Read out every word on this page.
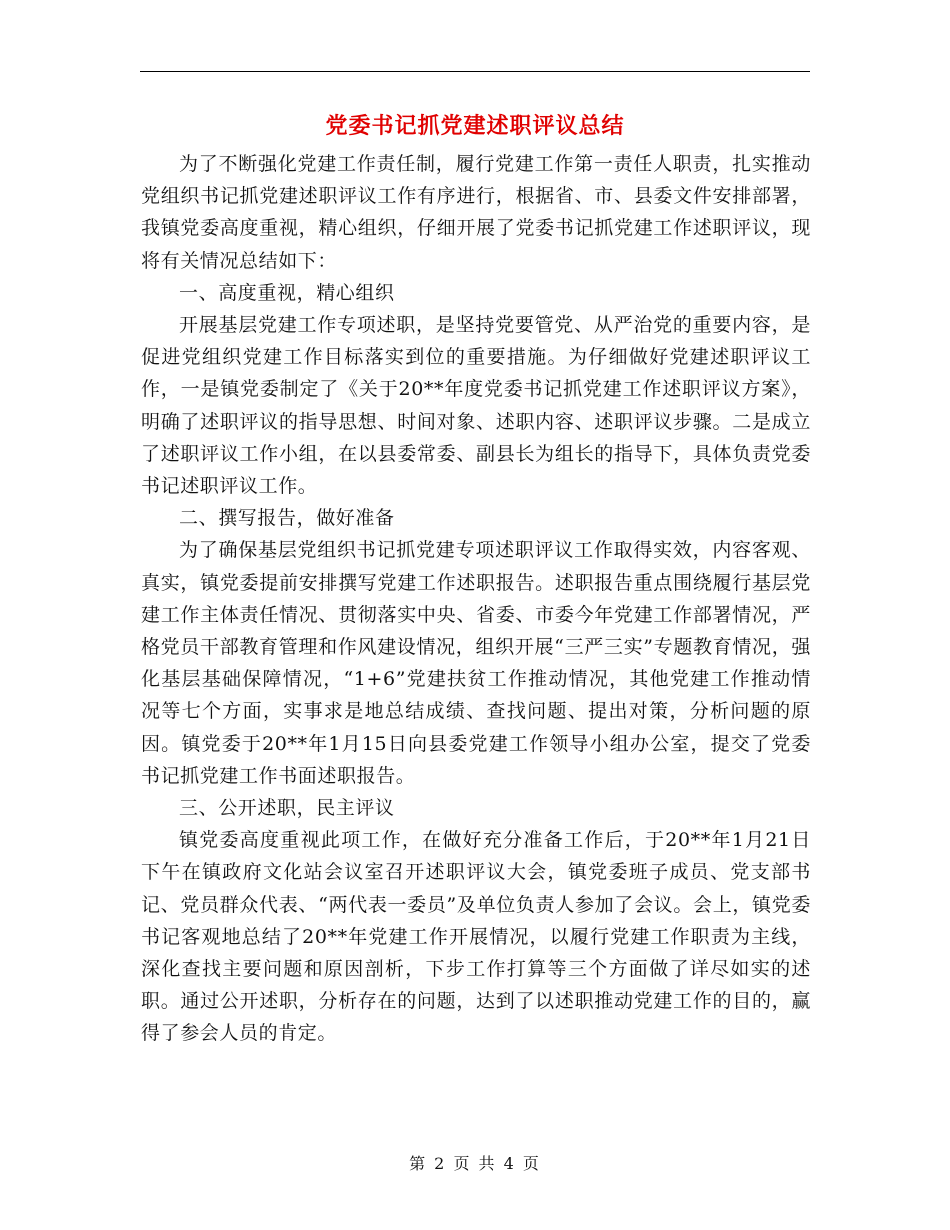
党委书记抓党建述职评议总结

为了不断强化党建工作责任制，履行党建工作第一责任人职责，扎实推动党组织书记抓党建述职评议工作有序进行，根据省、市、县委文件安排部署，我镇党委高度重视，精心组织，仔细开展了党委书记抓党建工作述职评议，现将有关情况总结如下：

一、高度重视，精心组织

开展基层党建工作专项述职，是坚持党要管党、从严治党的重要内容，是促进党组织党建工作目标落实到位的重要措施。为仔细做好党建述职评议工作，一是镇党委制定了《关于20**年度党委书记抓党建工作述职评议方案》，明确了述职评议的指导思想、时间对象、述职内容、述职评议步骤。二是成立了述职评议工作小组，在以县委常委、副县长为组长的指导下，具体负责党委书记述职评议工作。

二、撰写报告，做好准备

为了确保基层党组织书记抓党建专项述职评议工作取得实效，内容客观、真实，镇党委提前安排撰写党建工作述职报告。述职报告重点围绕履行基层党建工作主体责任情况、贯彻落实中央、省委、市委今年党建工作部署情况，严格党员干部教育管理和作风建设情况，组织开展“三严三实”专题教育情况，强化基层基础保障情况，“1+6”党建扶贫工作推动情况，其他党建工作推动情况等七个方面，实事求是地总结成绩、查找问题、提出对策，分析问题的原因。镇党委于20**年1月15日向县委党建工作领导小组办公室，提交了党委书记抓党建工作书面述职报告。

三、公开述职，民主评议

镇党委高度重视此项工作，在做好充分准备工作后，于20**年1月21日下午在镇政府文化站会议室召开述职评议大会，镇党委班子成员、党支部书记、党员群众代表、“两代表一委员”及单位负责人参加了会议。会上，镇党委书记客观地总结了20**年党建工作开展情况，以履行党建工作职责为主线，深化查找主要问题和原因剖析，下步工作打算等三个方面做了详尽如实的述职。通过公开述职，分析存在的问题，达到了以述职推动党建工作的目的，赢得了参会人员的肯定。

第 2 页 共 4 页
